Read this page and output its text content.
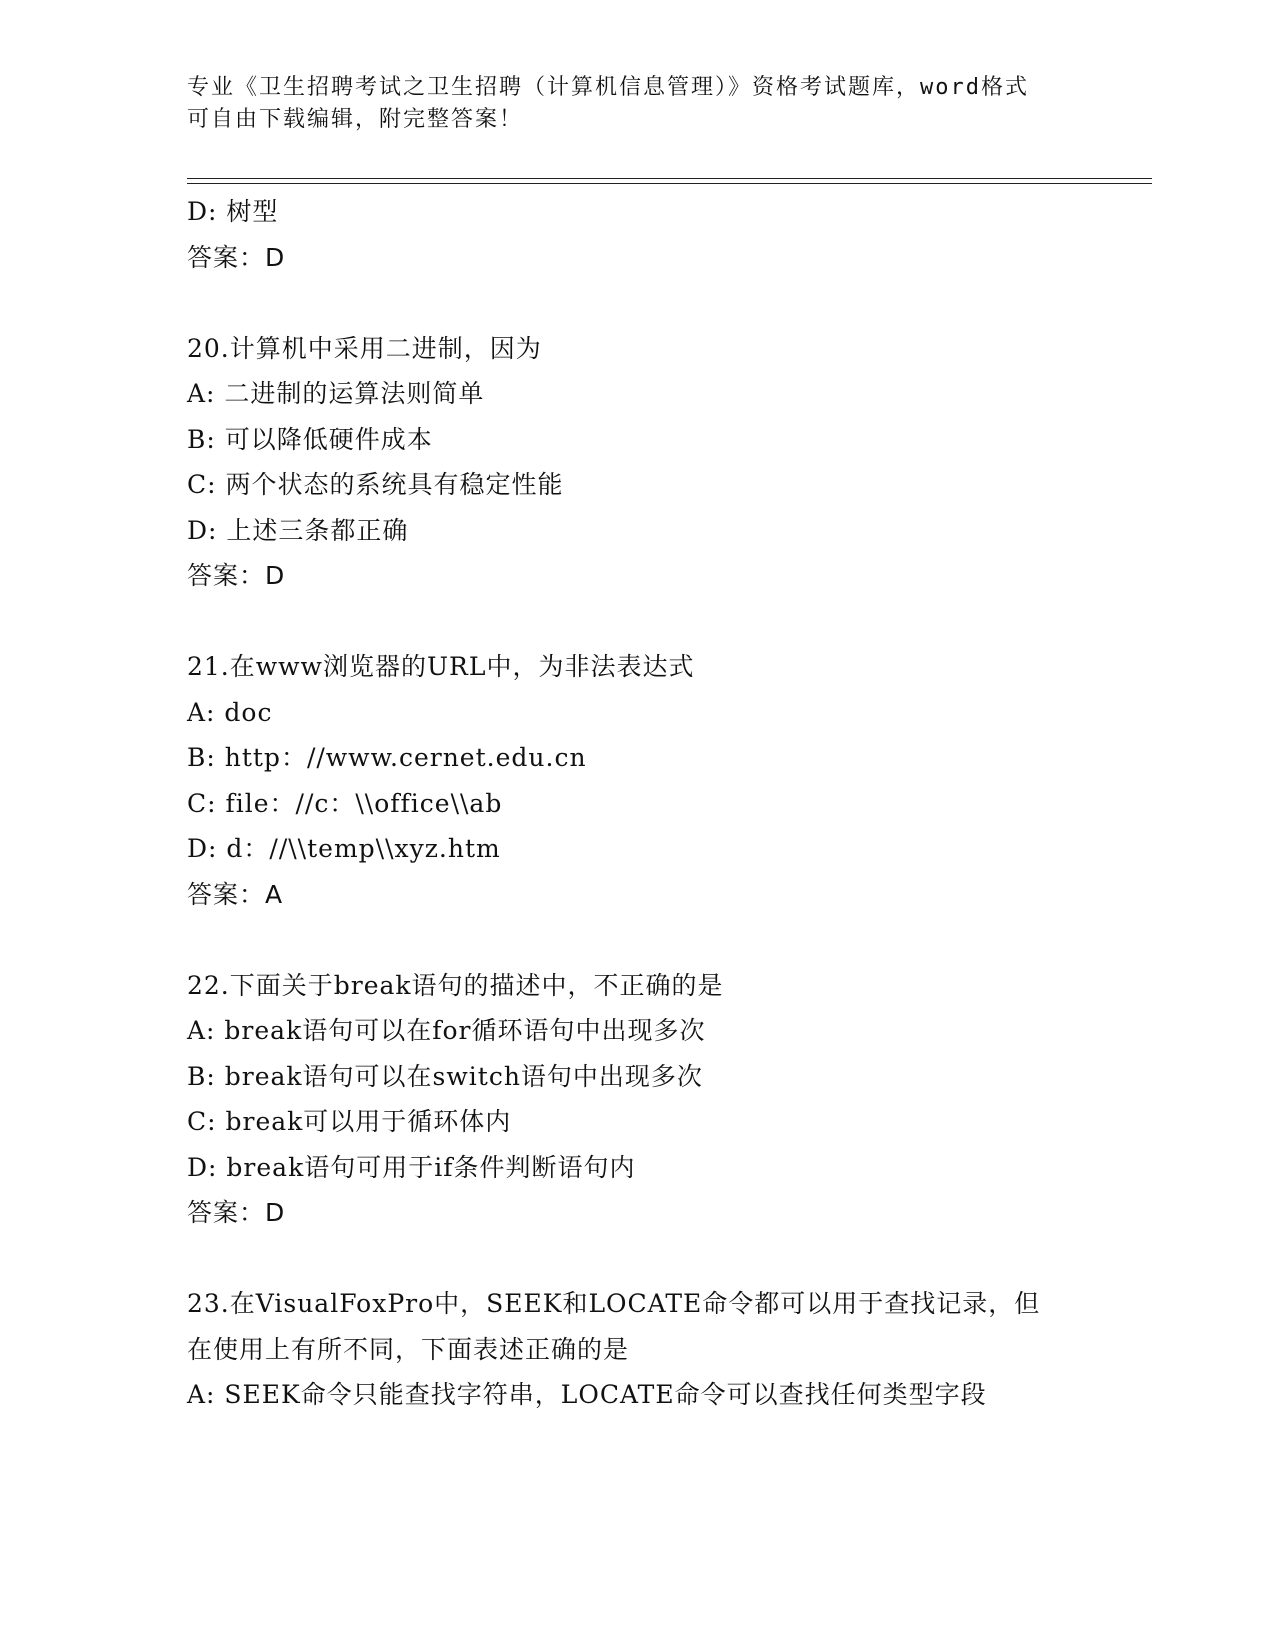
专业《卫生招聘考试之卫生招聘（计算机信息管理）》资格考试题库，word格式
可自由下载编辑，附完整答案！
D: 树型
答案：D
20.计算机中采用二进制，因为
A: 二进制的运算法则简单
B: 可以降低硬件成本
C: 两个状态的系统具有稳定性能
D: 上述三条都正确
答案：D
21.在www浏览器的URL中，为非法表达式
A: doc
B: http：//www.cernet.edu.cn
C: file：//c：\\office\\ab
D: d：//\\temp\\xyz.htm
答案：A
22.下面关于break语句的描述中，不正确的是
A: break语句可以在for循环语句中出现多次
B: break语句可以在switch语句中出现多次
C: break可以用于循环体内
D: break语句可用于if条件判断语句内
答案：D
23.在VisualFoxPro中，SEEK和LOCATE命令都可以用于查找记录，但
在使用上有所不同，下面表述正确的是
A: SEEK命令只能查找字符串，LOCATE命令可以查找任何类型字段
